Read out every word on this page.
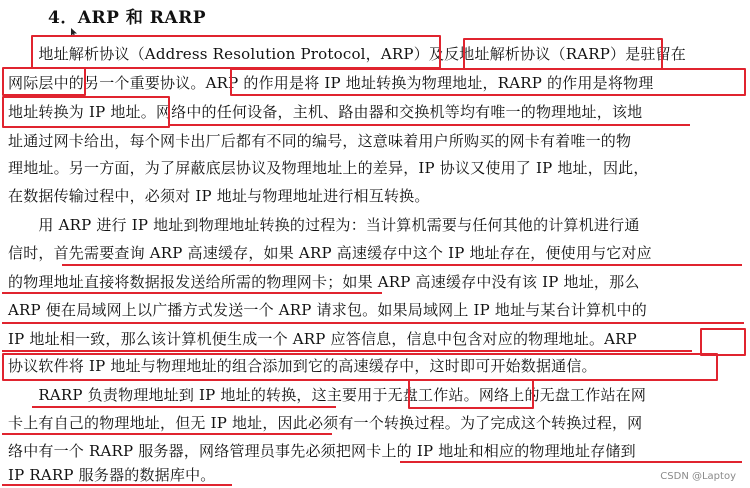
4．ARP 和 RARP
　　地址解析协议（Address Resolution Protocol，ARP）及反地址解析协议（RARP）是驻留在
网际层中的另一个重要协议。ARP 的作用是将 IP 地址转换为物理地址，RARP 的作用是将物理
地址转换为 IP 地址。网络中的任何设备，主机、路由器和交换机等均有唯一的物理地址，该地
址通过网卡给出，每个网卡出厂后都有不同的编号，这意味着用户所购买的网卡有着唯一的物
理地址。另一方面，为了屏蔽底层协议及物理地址上的差异，IP 协议又使用了 IP 地址，因此，
在数据传输过程中，必须对 IP 地址与物理地址进行相互转换。
　　用 ARP 进行 IP 地址到物理地址转换的过程为：当计算机需要与任何其他的计算机进行通
信时，首先需要查询 ARP 高速缓存，如果 ARP 高速缓存中这个 IP 地址存在，便使用与它对应
的物理地址直接将数据报发送给所需的物理网卡；如果 ARP 高速缓存中没有该 IP 地址，那么
ARP 便在局域网上以广播方式发送一个 ARP 请求包。如果局域网上 IP 地址与某台计算机中的
IP 地址相一致，那么该计算机便生成一个 ARP 应答信息，信息中包含对应的物理地址。ARP
协议软件将 IP 地址与物理地址的组合添加到它的高速缓存中，这时即可开始数据通信。
　　RARP 负责物理地址到 IP 地址的转换，这主要用于无盘工作站。网络上的无盘工作站在网
卡上有自己的物理地址，但无 IP 地址，因此必须有一个转换过程。为了完成这个转换过程，网
络中有一个 RARP 服务器，网络管理员事先必须把网卡上的 IP 地址和相应的物理地址存储到
IP RARP 服务器的数据库中。	CSDN @Laptoy
